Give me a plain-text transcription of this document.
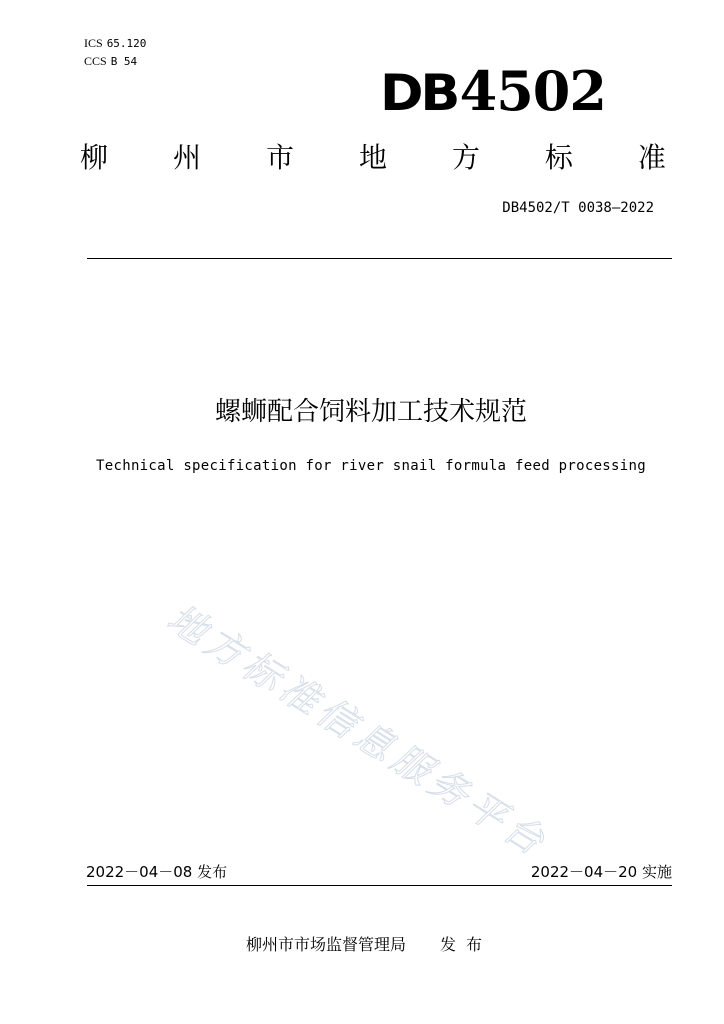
ICS 65.120
CCS B 54
DB4502
柳 州 市 地 方 标 准
DB4502/T 0038—2022
螺蛳配合饲料加工技术规范
Technical specification for river snail formula feed processing
地方标准信息服务平台
2022－04－08 发布	2022－04－20 实施
柳州市市场监督管理局 发布
